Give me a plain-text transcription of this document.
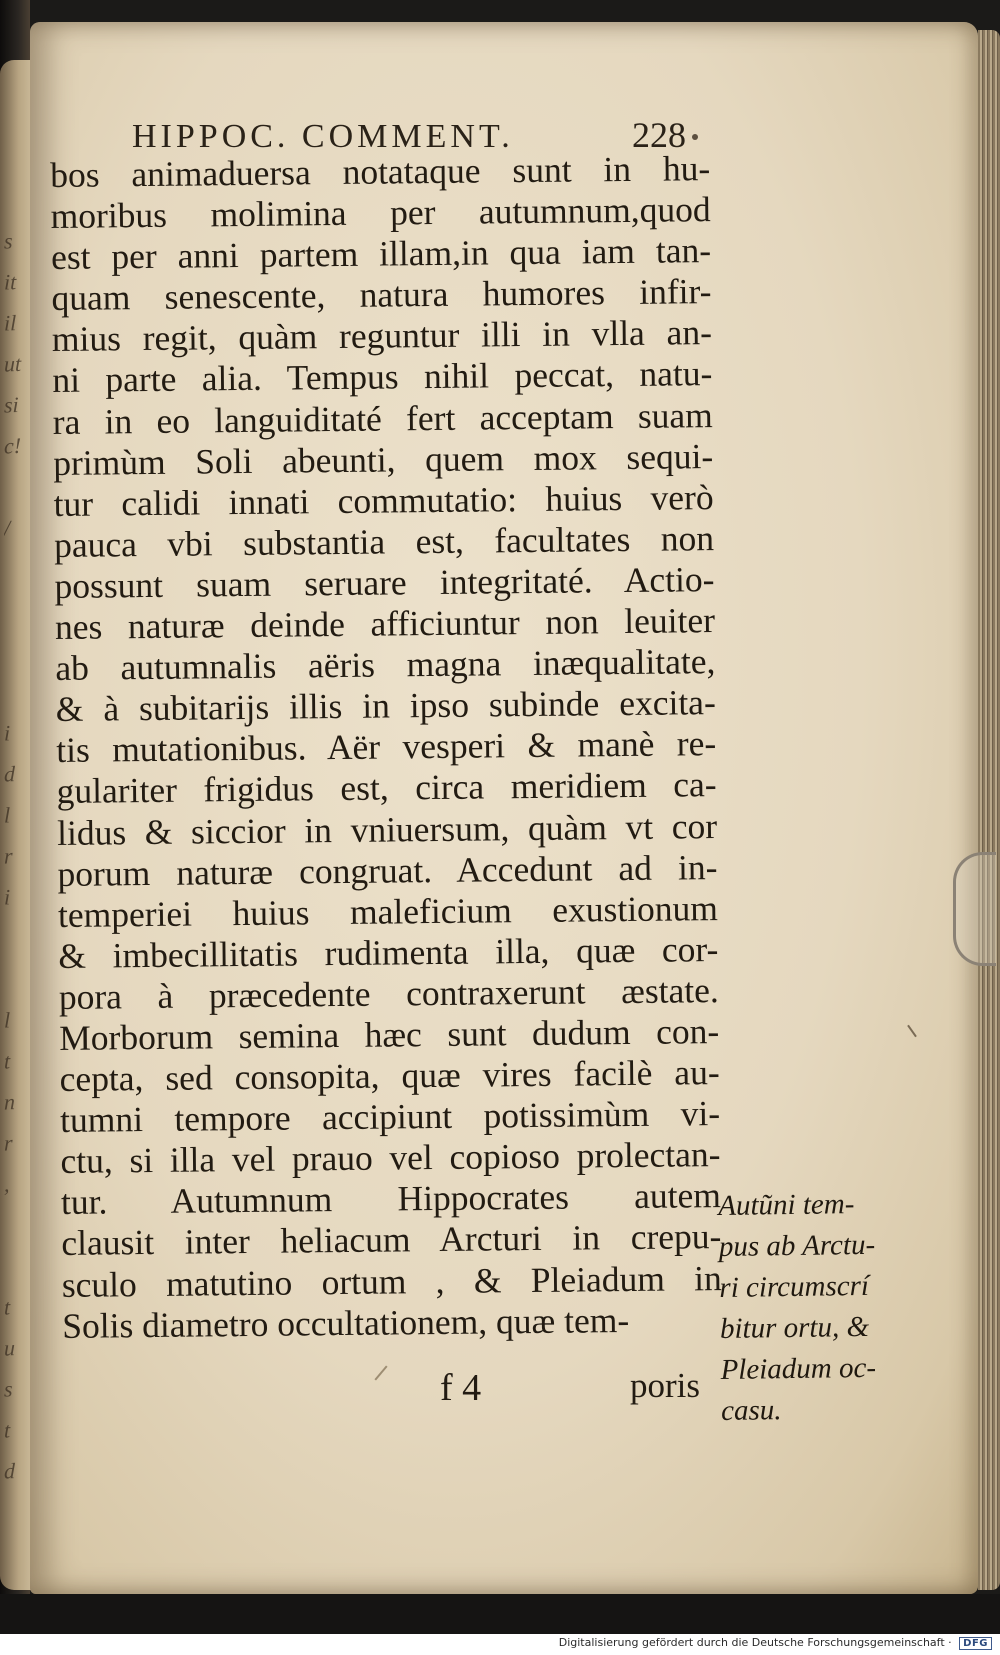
s
it
il
ut
si
c!

/

i
d
l
r
i

l
t
n
r
,

t
u
s
t
d
HIPPOC. COMMENT.	228
bos animaduersa notataque sunt in hu-
moribus molimina per autumnum,quod
est per anni partem illam,in qua iam tan-
quam senescente, natura humores infir-
mius regit, quàm reguntur illi in vlla an-
ni parte alia. Tempus nihil peccat, natu-
ra in eo languiditaté fert acceptam suam
primùm Soli abeunti, quem mox sequi-
tur calidi innati commutatio: huius verò
pauca vbi substantia est, facultates non
possunt suam seruare integritaté. Actio-
nes naturæ deinde afficiuntur non leuiter
ab autumnalis aëris magna inæqualitate,
& à subitarijs illis in ipso subinde excita-
tis mutationibus. Aër vesperi & manè re-
gulariter frigidus est, circa meridiem ca-
lidus & siccior in vniuersum, quàm vt cor
porum naturæ congruat. Accedunt ad in-
temperiei huius maleficium exustionum
& imbecillitatis rudimenta illa, quæ cor-
pora à præcedente contraxerunt æstate.
Morborum semina hæc sunt dudum con-
cepta, sed consopita, quæ vires facilè au-
tumni tempore accipiunt potissimùm vi-
ctu, si illa vel prauo vel copioso prolectan-
tur. Autumnum Hippocrates autem
clausit inter heliacum Arcturi in crepu-
sculo matutino ortum , & Pleiadum in
Solis diametro occultationem, quæ tem-
Autũni tem-
pus ab Arctu-
ri circumscrí
bitur ortu, &
Pleiadum oc-
casu.
f 4	poris
Digitalisierung gefördert durch die Deutsche Forschungsgemeinschaft · DFG
